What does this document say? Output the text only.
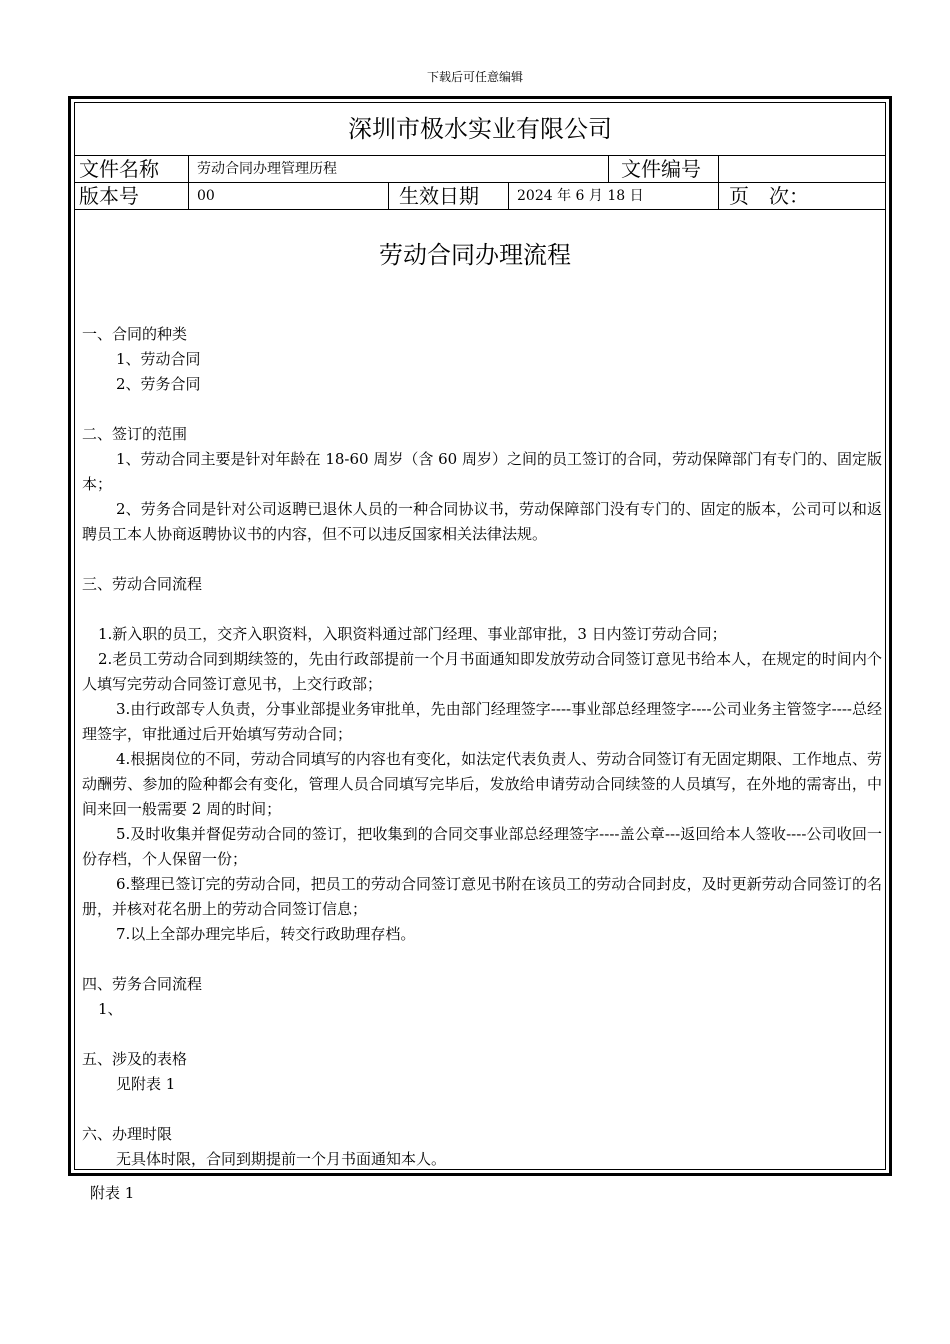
下载后可任意编辑
深圳市极水实业有限公司
文件名称	劳动合同办理管理历程	文件编号
版本号	00	生效日期	2024 年 6 月 18 日	页　次：
劳动合同办理流程

一、合同的种类

1、劳动合同

2、劳务合同

二、签订的范围

1、劳动合同主要是针对年龄在 18-60 周岁（含 60 周岁）之间的员工签订的合同，劳动保障部门有专门的、固定版本；

2、劳务合同是针对公司返聘已退休人员的一种合同协议书，劳动保障部门没有专门的、固定的版本，公司可以和返聘员工本人协商返聘协议书的内容，但不可以违反国家相关法律法规。

三、劳动合同流程

1.新入职的员工，交齐入职资料，入职资料通过部门经理、事业部审批，3 日内签订劳动合同；

2.老员工劳动合同到期续签的，先由行政部提前一个月书面通知即发放劳动合同签订意见书给本人，在规定的时间内个人填写完劳动合同签订意见书，上交行政部；

3.由行政部专人负责，分事业部提业务审批单，先由部门经理签字----事业部总经理签字----公司业务主管签字----总经理签字，审批通过后开始填写劳动合同；

4.根据岗位的不同，劳动合同填写的内容也有变化，如法定代表负责人、劳动合同签订有无固定期限、工作地点、劳动酬劳、参加的险种都会有变化，管理人员合同填写完毕后，发放给申请劳动合同续签的人员填写，在外地的需寄出，中间来回一般需要 2 周的时间；

5.及时收集并督促劳动合同的签订，把收集到的合同交事业部总经理签字----盖公章---返回给本人签收----公司收回一份存档，个人保留一份；

6.整理已签订完的劳动合同，把员工的劳动合同签订意见书附在该员工的劳动合同封皮，及时更新劳动合同签订的名册，并核对花名册上的劳动合同签订信息；

7.以上全部办理完毕后，转交行政助理存档。

四、劳务合同流程

1、

五、涉及的表格

见附表 1

六、办理时限

无具体时限，合同到期提前一个月书面通知本人。

附表 1
